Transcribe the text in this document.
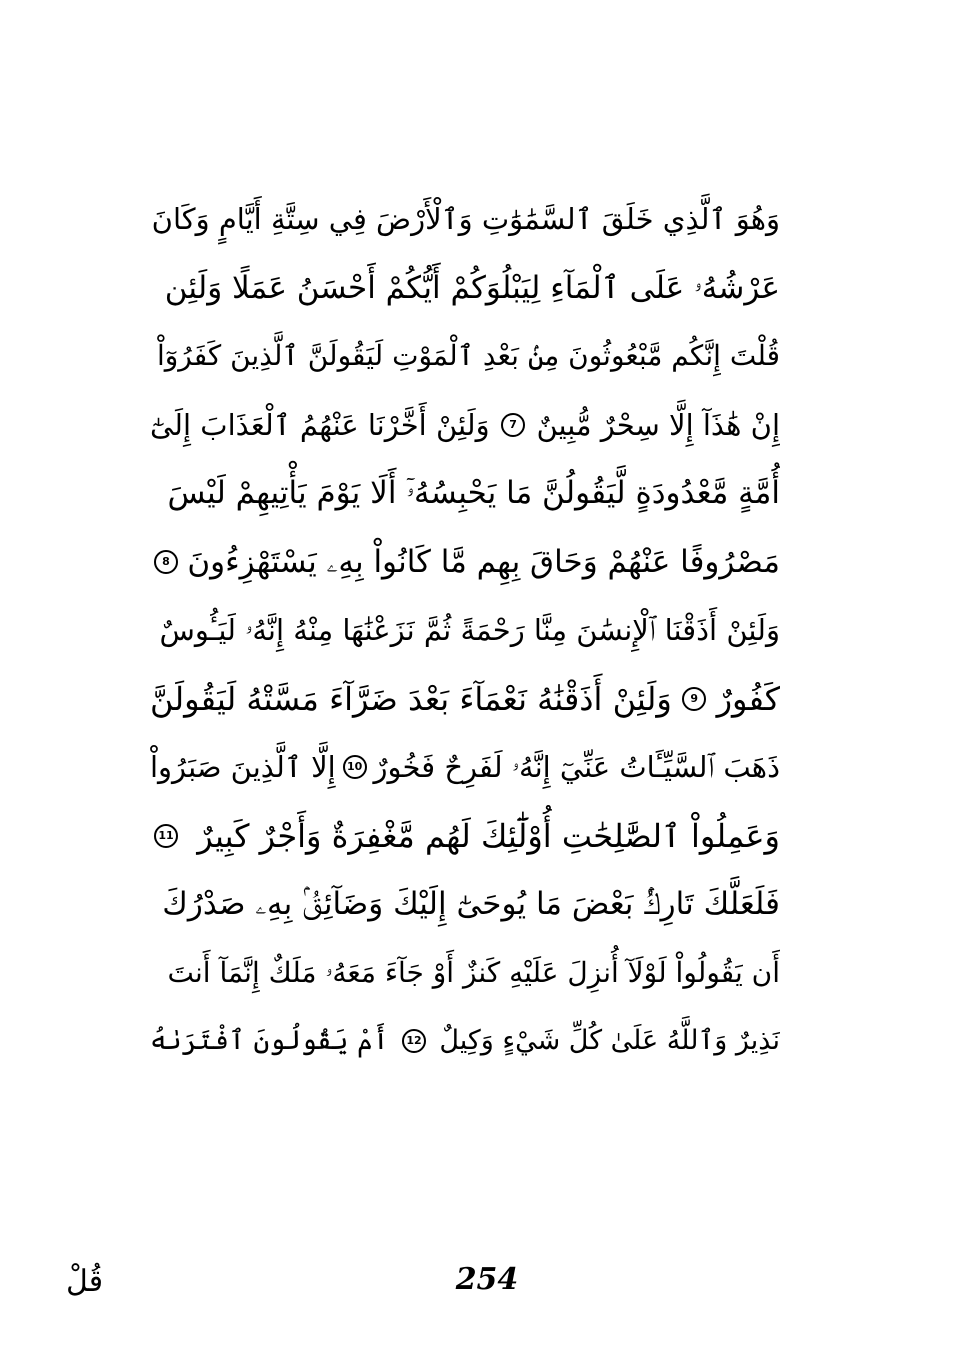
وَهُوَ ٱلَّذِي خَلَقَ ٱلسَّمَٰوَٰتِ وَٱلْأَرْضَ فِي سِتَّةِ أَيَّامٍ وَكَانَ
عَرْشُهُۥ عَلَى ٱلْمَآءِ لِيَبْلُوَكُمْ أَيُّكُمْ أَحْسَنُ عَمَلًا وَلَئِن
قُلْتَ إِنَّكُم مَّبْعُوثُونَ مِنۢ بَعْدِ ٱلْمَوْتِ لَيَقُولَنَّ ٱلَّذِينَ كَفَرُوٓاْ
إِنْ هَٰذَآ إِلَّا سِحْرٌ مُّبِينٌ
7
وَلَئِنْ أَخَّرْنَا عَنْهُمُ ٱلْعَذَابَ إِلَىٰٓ
أُمَّةٍ مَّعْدُودَةٍ لَّيَقُولُنَّ مَا يَحْبِسُهُۥٓ أَلَا يَوْمَ يَأْتِيهِمْ لَيْسَ
مَصْرُوفًا عَنْهُمْ وَحَاقَ بِهِم مَّا كَانُواْ بِهِۦ يَسْتَهْزِءُونَ
8
وَلَئِنْ أَذَقْنَا ٱلْإِنسَٰنَ مِنَّا رَحْمَةً ثُمَّ نَزَعْنَٰهَا مِنْهُ إِنَّهُۥ لَيَـُٔوسٌ
كَفُورٌ
9
وَلَئِنْ أَذَقْنَٰهُ نَعْمَآءَ بَعْدَ ضَرَّآءَ مَسَّتْهُ لَيَقُولَنَّ
ذَهَبَ ٱلسَّيِّـَٔاتُ عَنِّيٓ إِنَّهُۥ لَفَرِحٌ فَخُورٌ
10
إِلَّا ٱلَّذِينَ صَبَرُواْ
وَعَمِلُواْ ٱلصَّٰلِحَٰتِ أُوْلَٰٓئِكَ لَهُم مَّغْفِرَةٌ وَأَجْرٌ كَبِيرٌ
11
فَلَعَلَّكَ تَارِكُۢ بَعْضَ مَا يُوحَىٰٓ إِلَيْكَ وَضَآئِقُۢ بِهِۦ صَدْرُكَ
أَن يَقُولُواْ لَوْلَآ أُنزِلَ عَلَيْهِ كَنزٌ أَوْ جَآءَ مَعَهُۥ مَلَكٌ إِنَّمَآ أَنتَ
نَذِيرٌ وَٱللَّهُ عَلَىٰ كُلِّ شَيْءٍ وَكِيلٌ
12
أَمْ يَقُولُونَ ٱفْتَرَىٰهُ
254
قُلْ
